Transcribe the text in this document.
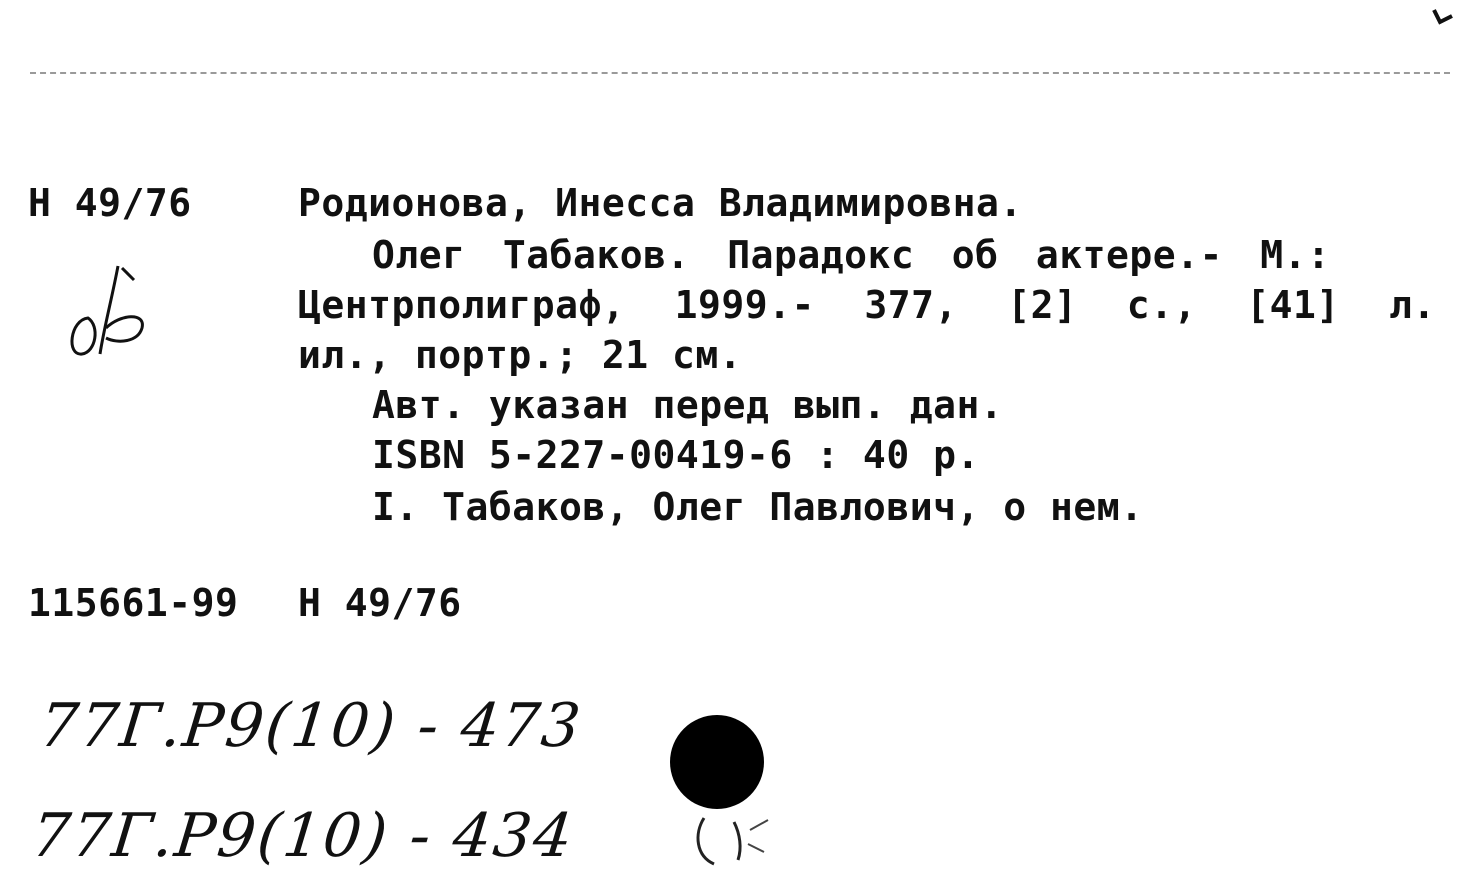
Н 49/76	Родионова, Инесса Владимировна.
Олег Табаков. Парадокс об актере.- М.:
Центрполиграф, 1999.- 377, [2] с., [41] л.
ил., портр.; 21 см.
Авт. указан перед вып. дан.
ISBN 5-227-00419-6 : 40 р.
I. Табаков, Олег Павлович, о нем.
115661-99 Н 49/76
77Г.Р9(10) - 473
77Г.Р9(10) - 434
